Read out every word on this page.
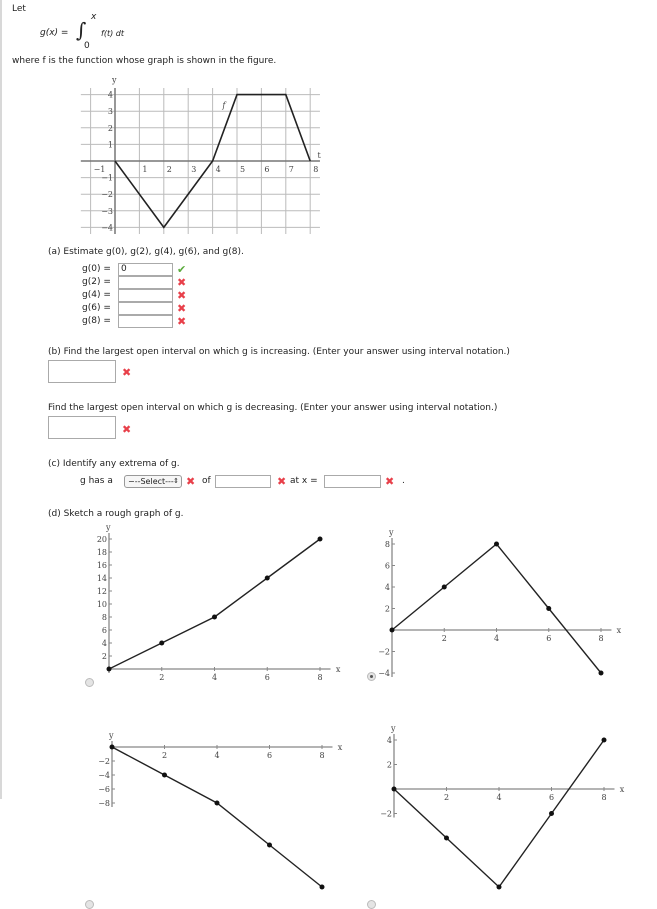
Let
g(x) = ∫
x
0
f(t) dt
where f is the function whose graph is shown in the figure.
−1	1 2 3 4 5 6 7 8
4
3
2
1
−1
−2
−3
−4
y
t
f
2	4	6	8
2
4
6
8
10
12
14
16
18
20
x
y
2	4	6	8
8
6
4
2
−2
−4
x
y
2	4	6	8
−2
−4
−6
−8
x
y
2	4	6	8
4
2
−2
x
y
(a) Estimate g(0), g(2), g(4), g(6), and g(8).
g(0) =	0	✔
g(2) =	✖
g(4) =	✖
g(6) =	✖
g(8) =	✖
(b) Find the largest open interval on which g is increasing. (Enter your answer using interval notation.)
✖
Find the largest open interval on which g is decreasing. (Enter your answer using interval notation.)
✖
(c) Identify any extrema of g.
g has a	−--Select--- ⇕ ✖ of	✖ at x =	✖ .
(d) Sketch a rough graph of g.
